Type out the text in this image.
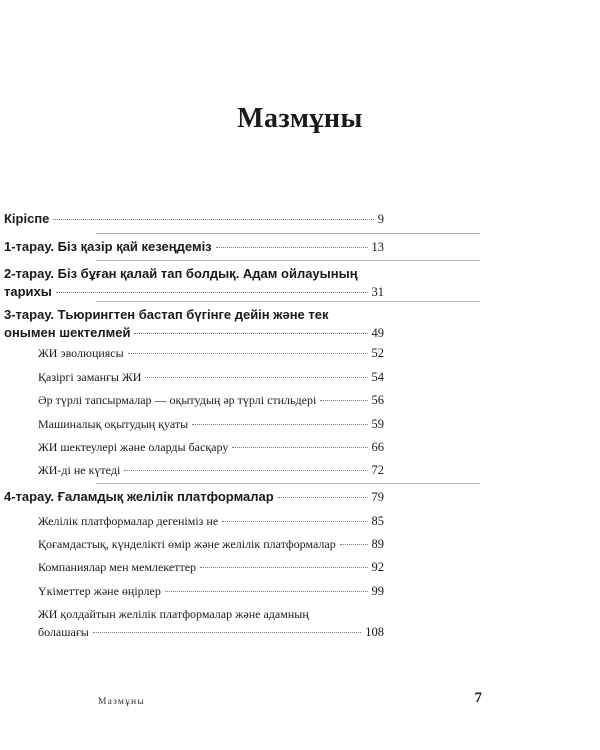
Мазмұны
Кіріспе	9
1-тарау. Біз қазір қай кезеңдеміз	13
2-тарау. Біз бұған қалай тап болдық. Адам ойлауының
тарихы	31
3-тарау. Тьюрингтен бастап бүгінге дейін және тек
онымен шектелмей	49
ЖИ эволюциясы	52
Қазіргі заманғы ЖИ	54
Әр түрлі тапсырмалар — оқытудың әр түрлі стильдері	56
Машиналық оқытудың қуаты	59
ЖИ шектеулері және оларды басқару	66
ЖИ-ді не күтеді	72
4-тарау. Ғаламдық желілік платформалар	79
Желілік платформалар дегеніміз не	85
Қоғамдастық, күнделікті өмір және желілік платформалар	89
Компаниялар мен мемлекеттер	92
Үкіметтер және өңірлер	99
ЖИ қолдайтын желілік платформалар және адамның
болашағы	108
Мазмұны	7
